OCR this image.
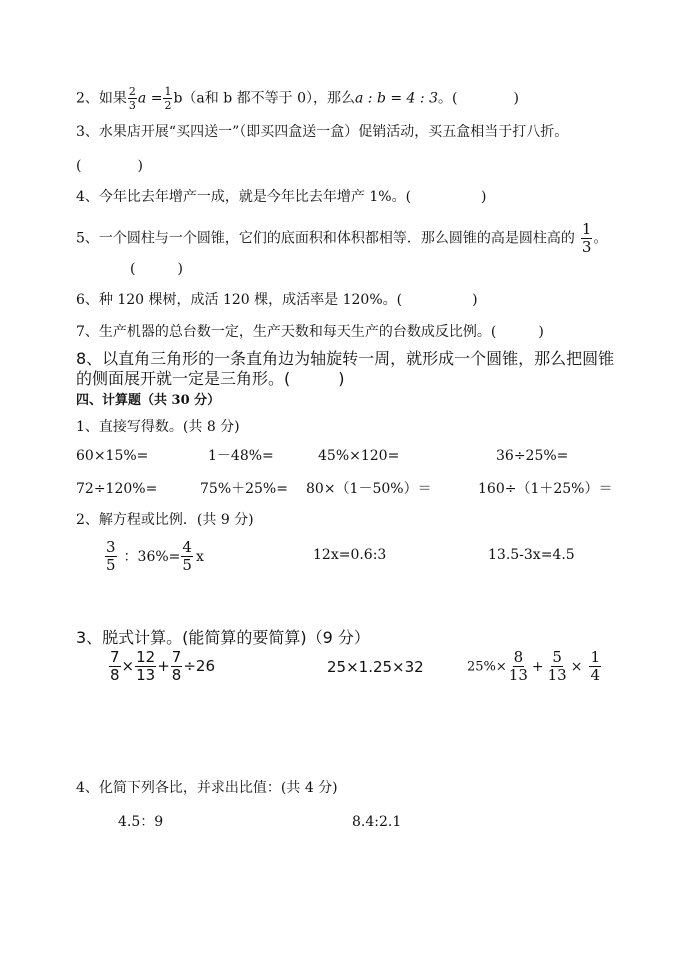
2、如果 $\frac{2}{3}$ $a = \frac{1}{2} b(a$和 b 都不等于 0），那么a : b = 4 : 3。(　　　　)
3、水果店开展“买四送一”（即买四盒送一盒）促销活动，买五盒相当于打八折。
(　　　　)
4、今年比去年增产一成，就是今年比去年增产 1%。(　　　　　)
5、一个圆柱与一个圆锥，它们的底面积和体积都相等．那么圆锥的高是圆柱高的 $\frac{1}{3}$ 。
(　　　)
6、种 120 棵树，成活 120 棵，成活率是 120%。(　　　　　)
7、生产机器的总台数一定，生产天数和每天生产的台数成反比例。(　　　)
8、以直角三角形的一条直角边为轴旋转一周，就形成一个圆锥，那么把圆锥
的侧面展开就一定是三角形。(　　　)
四、计算题（共 30 分）
1、直接写得数。(共 8 分)
60×15%=	1－48%=	45%×120=	36÷25%=
72÷120%=	75%＋25%= 80×（1－50%）＝	160÷（1＋25%）＝
2、解方程或比例．(共 9 分)
$\frac{3}{5}$ ：$36\%= \frac{4}{5}$ x	12x=0.6:3	13.5-3x=4.5
3、脱式计算。(能简算的要简算)（9 分）
$\frac{7}{8} \times \frac{12}{13} + \frac{7}{8} \div 26$	25×1.25×32	$25\%\times \frac{8}{13} + \frac{5}{13} \times \frac{1}{4}$
4、化简下列各比，并求出比值：(共 4 分)
4.5：9	8.4:2.1
